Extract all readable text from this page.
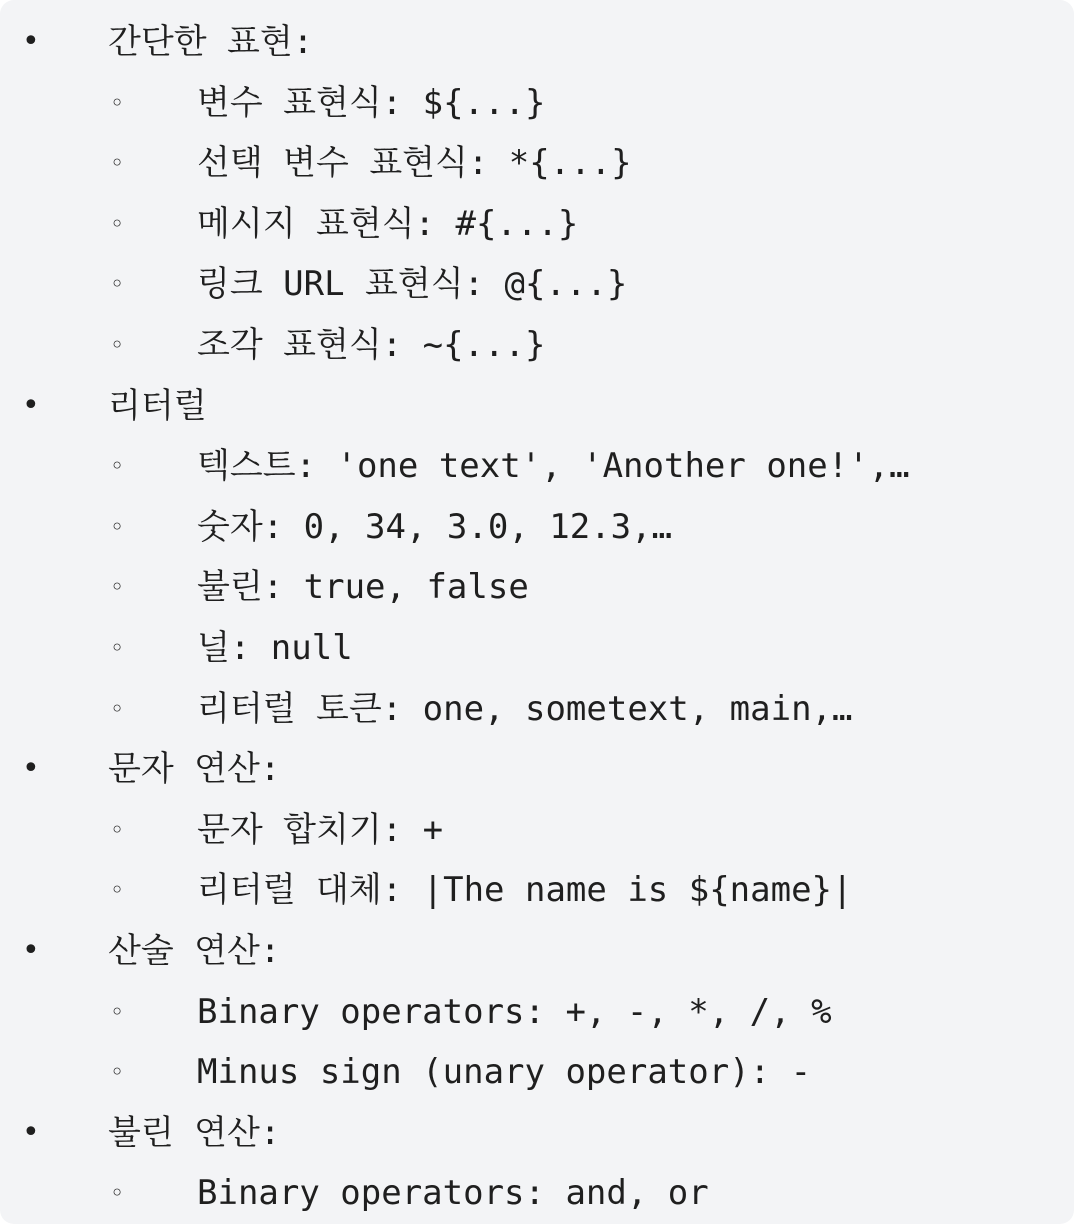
• 간단한 표현:
◦ 변수 표현식: ${...}
◦ 선택 변수 표현식: *{...}
◦ 메시지 표현식: #{...}
◦ 링크 URL 표현식: @{...}
◦ 조각 표현식: ~{...}
• 리터럴
◦ 텍스트: 'one text', 'Another one!',…
◦ 숫자: 0, 34, 3.0, 12.3,…
◦ 불린: true, false
◦ 널: null
◦ 리터럴 토큰: one, sometext, main,…
• 문자 연산:
◦ 문자 합치기: +
◦ 리터럴 대체: |The name is ${name}|
• 산술 연산:
◦ Binary operators: +, -, *, /, %
◦ Minus sign (unary operator): -
• 불린 연산:
◦ Binary operators: and, or
